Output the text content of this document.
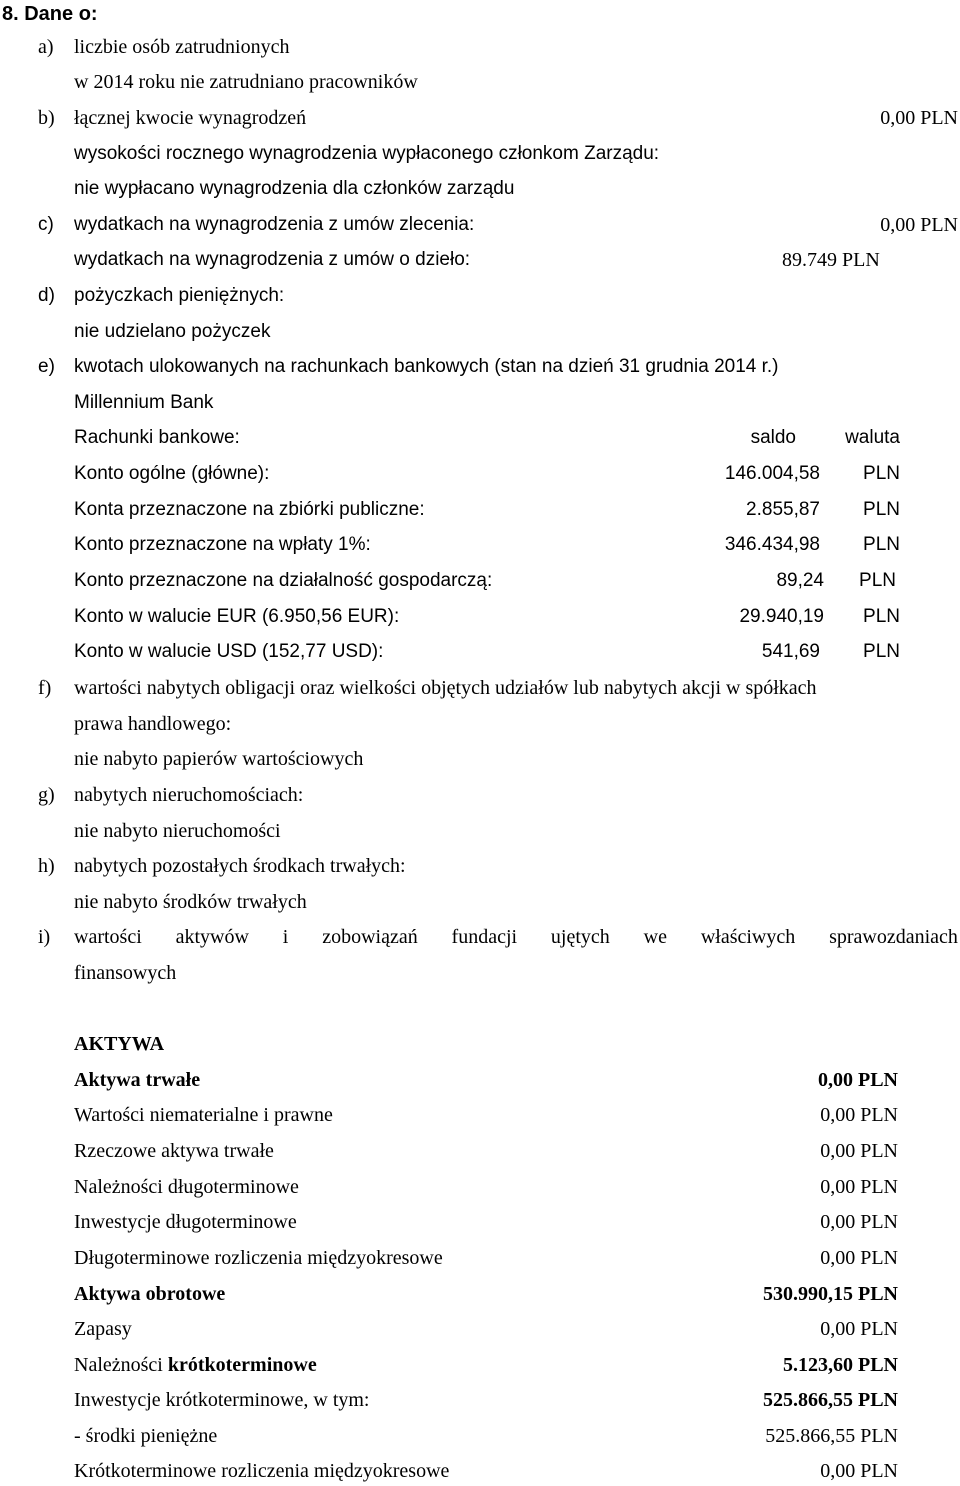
8. Dane o:
a) liczbie osób zatrudnionych
w 2014 roku nie zatrudniano pracowników
b) łącznej kwocie wynagrodzeń	0,00 PLN
wysokości rocznego wynagrodzenia wypłaconego członkom Zarządu:
nie wypłacano wynagrodzenia dla członków zarządu
c) wydatkach na wynagrodzenia z umów zlecenia:	0,00 PLN
wydatkach na wynagrodzenia z umów o dzieło:	89.749 PLN
d) pożyczkach pieniężnych:
nie udzielano pożyczek
e) kwotach ulokowanych na rachunkach bankowych (stan na dzień 31 grudnia 2014 r.)
Millennium Bank
Rachunki bankowe:	saldo	waluta
Konto ogólne (główne):	146.004,58	PLN
Konta przeznaczone na zbiórki publiczne:	2.855,87	PLN
Konto przeznaczone na wpłaty 1%:	346.434,98	PLN
Konto przeznaczone na działalność gospodarczą:	89,24	PLN
Konto w walucie EUR (6.950,56 EUR):	29.940,19	PLN
Konto w walucie USD (152,77 USD):	541,69	PLN
f) wartości nabytych obligacji oraz wielkości objętych udziałów lub nabytych akcji w spółkach
prawa handlowego:
nie nabyto papierów wartościowych
g) nabytych nieruchomościach:
nie nabyto nieruchomości
h) nabytych pozostałych środkach trwałych:
nie nabyto środków trwałych
i) wartości aktywów i zobowiązań fundacji ujętych we właściwych sprawozdaniach
finansowych
AKTYWA
Aktywa trwałe	0,00 PLN
Wartości niematerialne i prawne	0,00 PLN
Rzeczowe aktywa trwałe	0,00 PLN
Należności długoterminowe	0,00 PLN
Inwestycje długoterminowe	0,00 PLN
Długoterminowe rozliczenia międzyokresowe	0,00 PLN
Aktywa obrotowe	530.990,15 PLN
Zapasy	0,00 PLN
Należności krótkoterminowe	5.123,60 PLN
Inwestycje krótkoterminowe, w tym:	525.866,55 PLN
- środki pieniężne	525.866,55 PLN
Krótkoterminowe rozliczenia międzyokresowe	0,00 PLN
